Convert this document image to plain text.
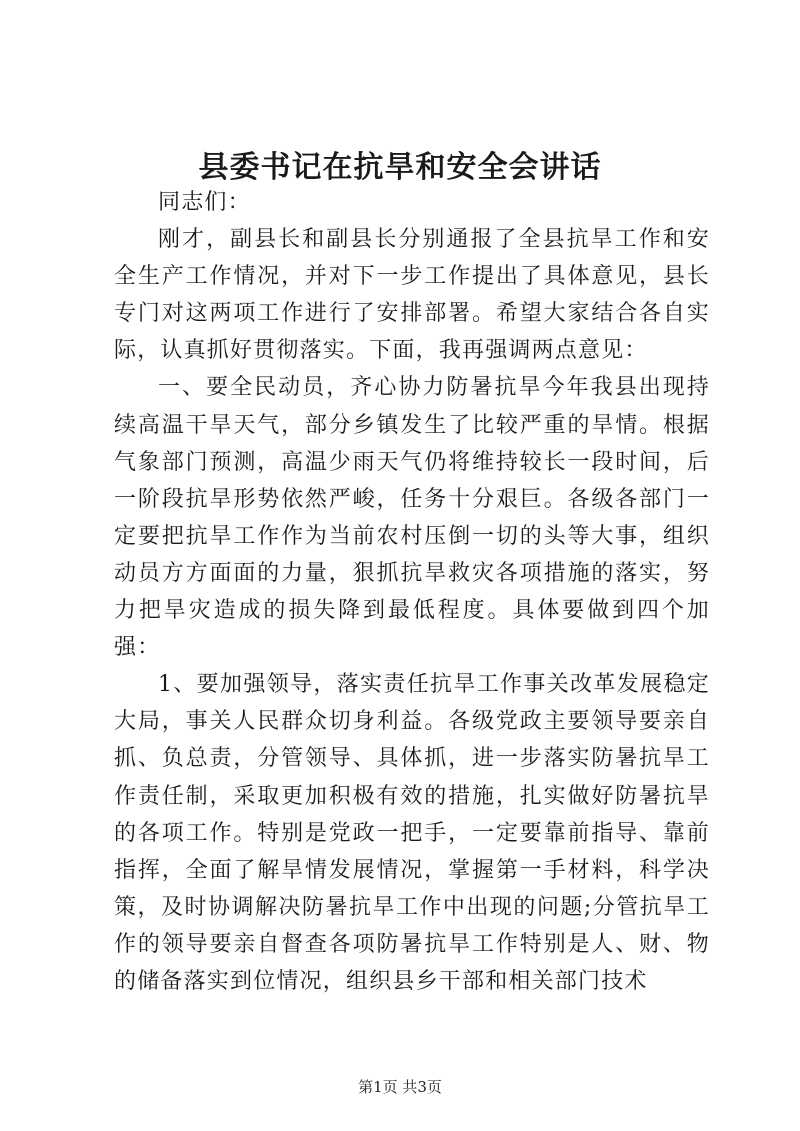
县委书记在抗旱和安全会讲话

同志们：

刚才，副县长和副县长分别通报了全县抗旱工作和安全生产工作情况，并对下一步工作提出了具体意见，县长专门对这两项工作进行了安排部署。希望大家结合各自实际，认真抓好贯彻落实。下面，我再强调两点意见：

一、要全民动员，齐心协力防暑抗旱今年我县出现持续高温干旱天气，部分乡镇发生了比较严重的旱情。根据气象部门预测，高温少雨天气仍将维持较长一段时间，后一阶段抗旱形势依然严峻，任务十分艰巨。各级各部门一定要把抗旱工作作为当前农村压倒一切的头等大事，组织动员方方面面的力量，狠抓抗旱救灾各项措施的落实，努力把旱灾造成的损失降到最低程度。具体要做到四个加强：

1、要加强领导，落实责任抗旱工作事关改革发展稳定大局，事关人民群众切身利益。各级党政主要领导要亲自抓、负总责，分管领导、具体抓，进一步落实防暑抗旱工作责任制，采取更加积极有效的措施，扎实做好防暑抗旱的各项工作。特别是党政一把手，一定要靠前指导、靠前指挥，全面了解旱情发展情况，掌握第一手材料，科学决策，及时协调解决防暑抗旱工作中出现的问题;分管抗旱工作的领导要亲自督查各项防暑抗旱工作特别是人、财、物的储备落实到位情况，组织县乡干部和相关部门技术

第1页 共3页
